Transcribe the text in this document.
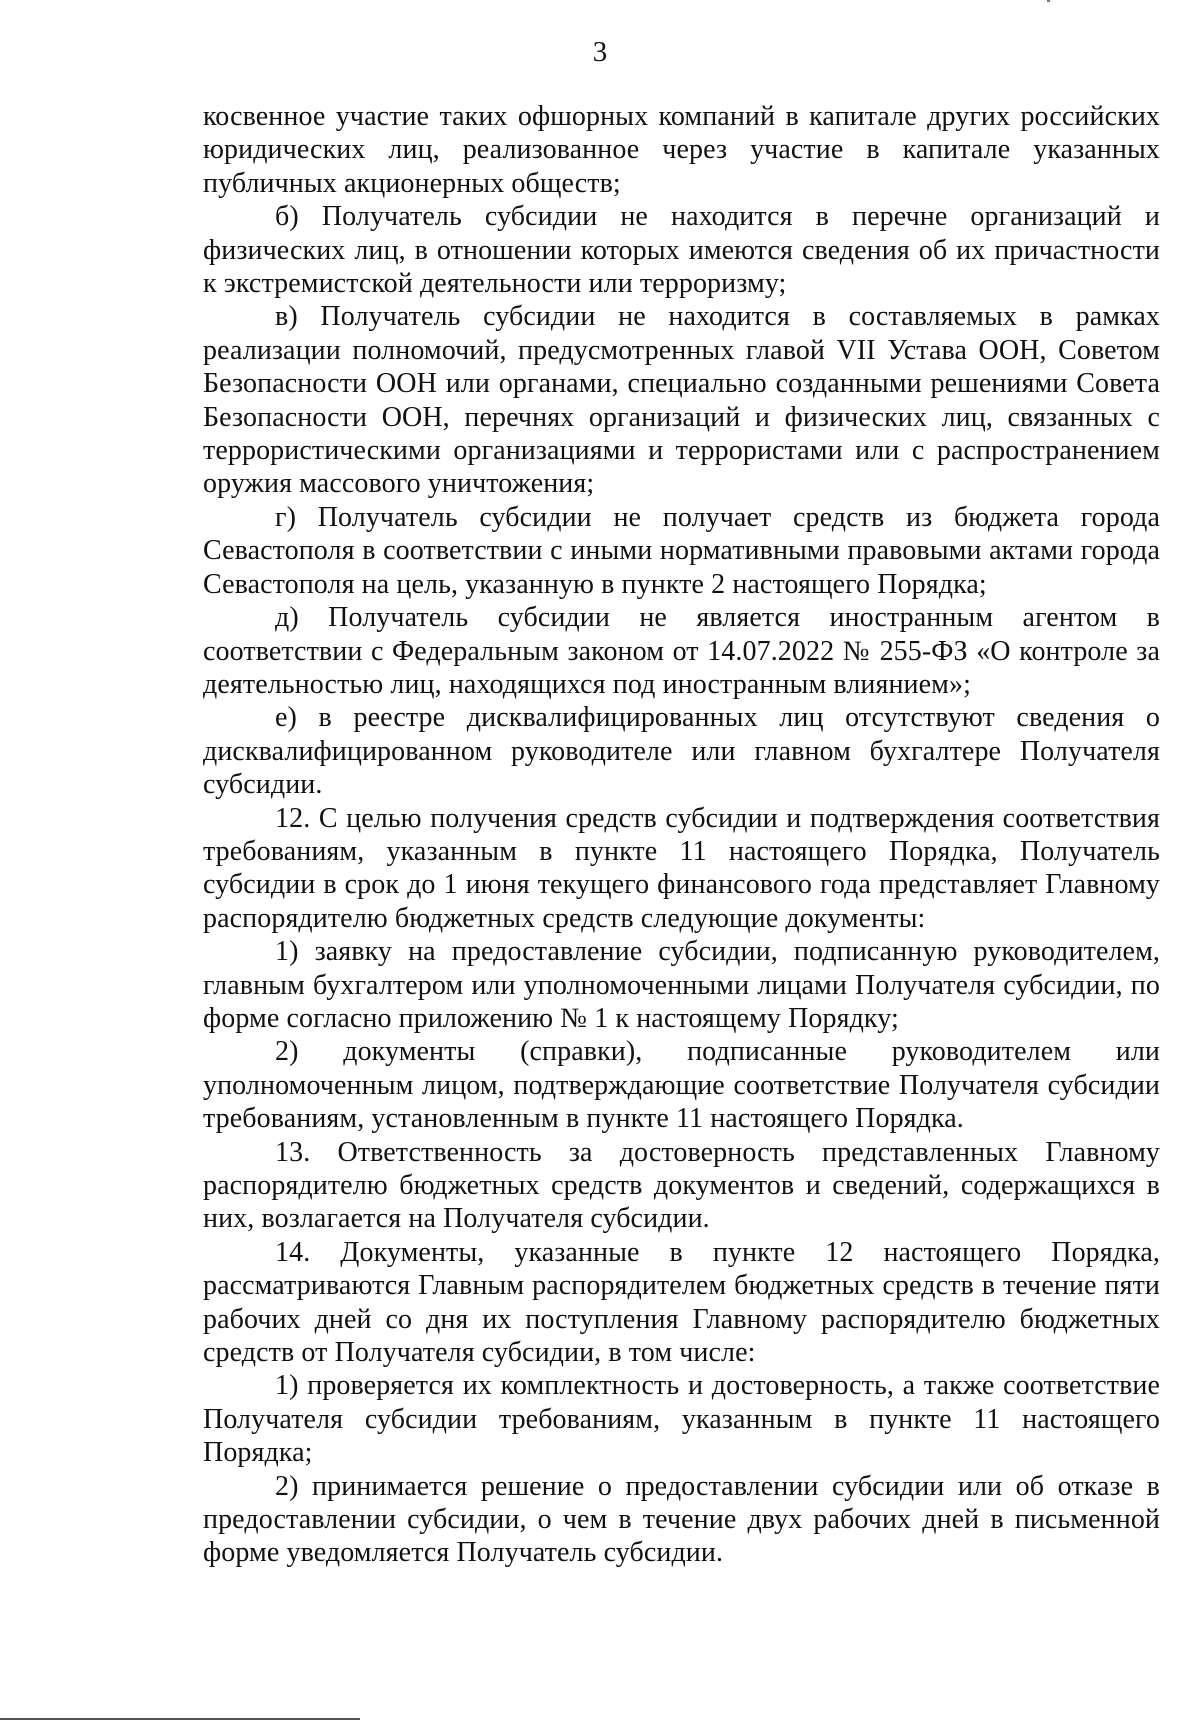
3

косвенное участие таких офшорных компаний в капитале других российских юридических лиц, реализованное через участие в капитале указанных публичных акционерных обществ;

б) Получатель субсидии не находится в перечне организаций и физических лиц, в отношении которых имеются сведения об их причастности к экстремистской деятельности или терроризму;

в) Получатель субсидии не находится в составляемых в рамках реализации полномочий, предусмотренных главой VII Устава ООН, Советом Безопасности ООН или органами, специально созданными решениями Совета Безопасности ООН, перечнях организаций и физических лиц, связанных с террористическими организациями и террористами или с распространением оружия массового уничтожения;

г) Получатель субсидии не получает средств из бюджета города Севастополя в соответствии с иными нормативными правовыми актами города Севастополя на цель, указанную в пункте 2 настоящего Порядка;

д) Получатель субсидии не является иностранным агентом в соответствии с Федеральным законом от 14.07.2022 № 255-ФЗ «О контроле за деятельностью лиц, находящихся под иностранным влиянием»;

е) в реестре дисквалифицированных лиц отсутствуют сведения о дисквалифицированном руководителе или главном бухгалтере Получателя субсидии.

12. С целью получения средств субсидии и подтверждения соответствия требованиям, указанным в пункте 11 настоящего Порядка, Получатель субсидии в срок до 1 июня текущего финансового года представляет Главному распорядителю бюджетных средств следующие документы:

1) заявку на предоставление субсидии, подписанную руководителем, главным бухгалтером или уполномоченными лицами Получателя субсидии, по форме согласно приложению № 1 к настоящему Порядку;

2) документы (справки), подписанные руководителем или уполномоченным лицом, подтверждающие соответствие Получателя субсидии требованиям, установленным в пункте 11 настоящего Порядка.

13. Ответственность за достоверность представленных Главному распорядителю бюджетных средств документов и сведений, содержащихся в них, возлагается на Получателя субсидии.

14. Документы, указанные в пункте 12 настоящего Порядка, рассматриваются Главным распорядителем бюджетных средств в течение пяти рабочих дней со дня их поступления Главному распорядителю бюджетных средств от Получателя субсидии, в том числе:

1) проверяется их комплектность и достоверность, а также соответствие Получателя субсидии требованиям, указанным в пункте 11 настоящего Порядка;

2) принимается решение о предоставлении субсидии или об отказе в предоставлении субсидии, о чем в течение двух рабочих дней в письменной форме уведомляется Получатель субсидии.
